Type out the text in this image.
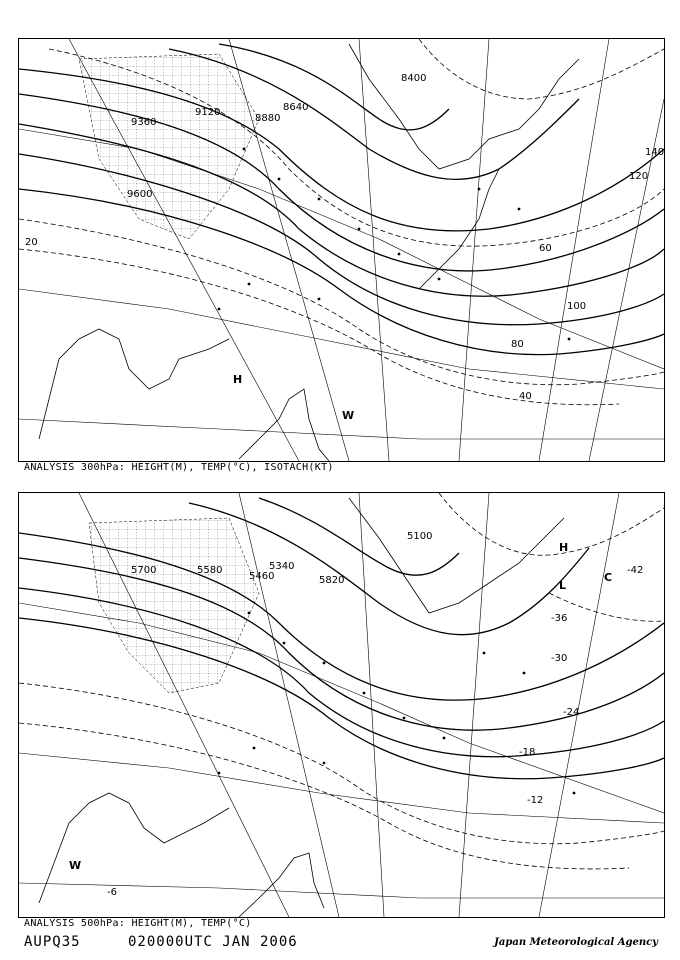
8400
8640
8880
9120
9360
9600
20
40
60
80
100
120
140
H
W
ANALYSIS 300hPa: HEIGHT(M), TEMP(°C), ISOTACH(KT)
5100
5340
5460
5580
5700
5820
-42
-36
-30
-24
-18
-12
-6
H
L
C
W
ANALYSIS 500hPa: HEIGHT(M), TEMP(°C)
AUPQ35	020000UTC JAN 2006	Japan Meteorological Agency
